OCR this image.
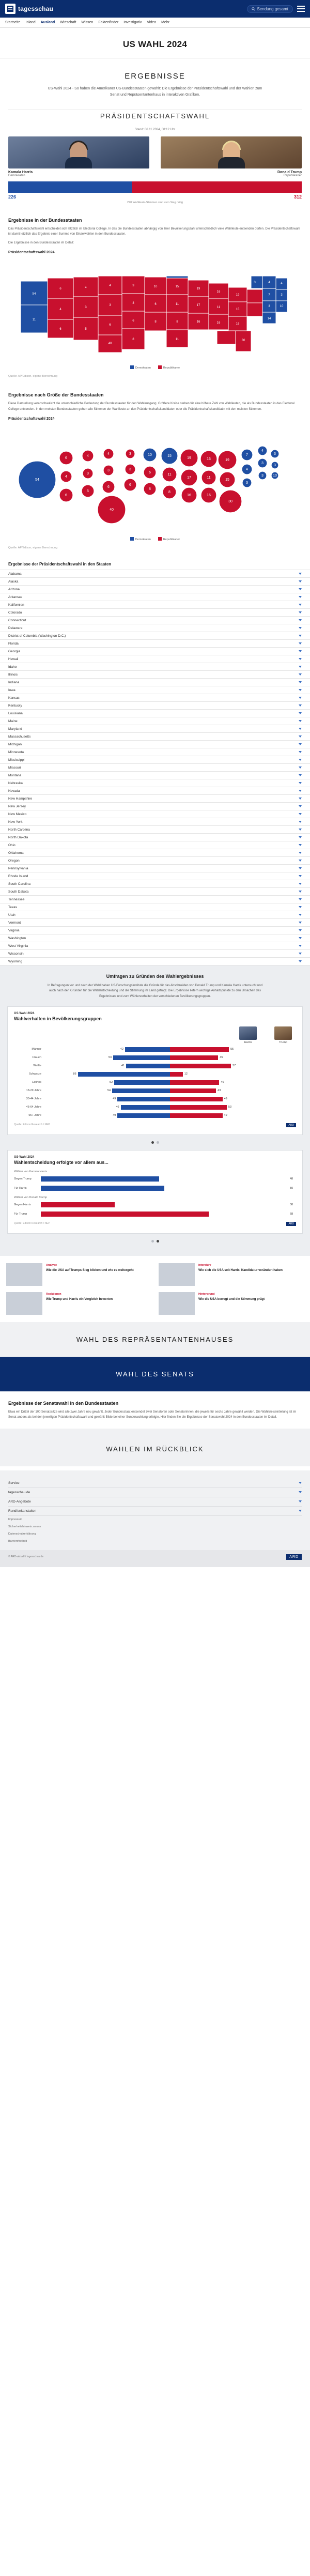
tagesschau	Sendung gesamt
Startseite Inland Ausland Wirtschaft Wissen Faktenfinder Investigativ Video Mehr
US WAHL 2024
ERGEBNISSE

US-Wahl 2024 - So haben die Amerikaner US-Bundesstaaten gewählt: Die Ergebnisse der Präsidentschaftswahl und der Wahlen zum Senat und Repräsentantenhaus in interaktiven Grafiken.

PRÄSIDENTSCHAFTSWAHL
Stand: 06.11.2024, 08:12 Uhr
Kamala Harris
Demokraten
Donald Trump
Republikaner
226	312
270 Wahlleute-Stimmen sind zum Sieg nötig
Ergebnisse in der Bundesstaaten

Das Präsidentschaftswahl entscheidet sich letztlich im Electoral College. In das die Bundesstaaten abhängig von ihrer Bevölkerungszahl unterschiedlich viele Wahlleute entsenden dürfen. Die Präsidentschaftswahl ist damit letztlich das Ergebnis einer Summe von Einzelwahlen in den Bundesstaaten.

Die Ergebnisse in den Bundesstaaten im Detail:

Präsidentschaftswahl 2024
54
11
6
4
6
4
3
5
4
3
6
40
3
3
6
8
10
6
8
15
11
8
11
19
17
16
16
11
16
19
15
16
30
3	4
7
3
14
4
3
10
Demokraten	Republikaner
Quelle: AP/Edison, eigene Berechnung
Ergebnisse nach Größe der Bundesstaaten

Diese Darstellung veranschaulicht die unterschiedliche Bedeutung der Bundesstaaten für den Wahlausgang. Größere Kreise stehen für eine höhere Zahl von Wahlleuten, die als Bundesstaaten in das Electoral College entsenden. In den meisten Bundesstaaten gehen alle Stimmen der Wahlleute an den Präsidentschaftskandidaten oder die Präsidentschaftskandidatin mit den meisten Stimmen.

Präsidentschaftswahl 2024
54
6
4
6
4
3
5
4
3
6
40
3
3
6
10
6
8
15
11
8
19
17
16
16
11
16
19
15
30
7
4
3
4
3
3
3
3
10
Demokraten	Republikaner
Quelle: AP/Edison, eigene Berechnung
Ergebnisse der Präsidentschaftswahl in den Staaten
Alabama
Alaska
Arizona
Arkansas
Kalifornien
Colorado
Connecticut
Delaware
District of Columbia (Washington D.C.)
Florida
Georgia
Hawaii
Idaho
Illinois
Indiana
Iowa
Kansas
Kentucky
Louisiana
Maine
Maryland
Massachusetts
Michigan
Minnesota
Mississippi
Missouri
Montana
Nebraska
Nevada
New Hampshire
New Jersey
New Mexico
New York
North Carolina
North Dakota
Ohio
Oklahoma
Oregon
Pennsylvania
Rhode Island
South Carolina
South Dakota
Tennessee
Texas
Utah
Vermont
Virginia
Washington
West Virginia
Wisconsin
Wyoming
Umfragen zu Gründen des Wahlergebnisses

In Befragungen vor und nach der Wahl haben US-Forschungsinstitute die Gründe für das Abschneiden von Donald Trump und Kamala Harris untersucht und auch nach den Gründen für die Wahlentscheidung und die Stimmung im Land gefragt. Die Ergebnisse liefern wichtige Anhaltspunkte zu den Ursachen des Ergebnisses und zum Wählerverhalten der verschiedenen Bevölkerungsgruppen.

US-Wahl 2024
Wahlverhalten in Bevölkerungsgruppen
Harris	Trump
Männer	42	55
Frauen	53	45
Weiße	41	57
Schwarze	86	12
Latinos	52	46
18-29 Jahre	54	43
30-44 Jahre	49	49
45-64 Jahre	46	53
65+ Jahre	49	49
Quelle: Edison Research / NEP	ARD
US-Wahl 2024
Wahlentscheidung erfolgte vor allem aus...
Wähler von Kamala Harris
Gegen Trump	48
Für Harris	50
Wähler von Donald Trump
Gegen Harris	30
Für Trump	68
Quelle: Edison Research / NEP	ARD
Analyse
Wie die USA auf Trumps Sieg blicken und wie es weitergeht
Interaktiv
Wie sich die USA seit Harris' Kandidatur verändert haben
Reaktionen
Wie Trump und Harris ein Vergleich bewerten
Hintergrund
Wie die USA bewegt und die Stimmung prägt
WAHL DES REPRÄSENTANTENHAUSES
WAHL DES SENATS
Ergebnisse der Senatswahl in den Bundesstaaten

Etwa ein Drittel der 100 Senatssitze wird alle zwei Jahre neu gewählt. Jeder Bundesstaat entsendet zwei Senatoren oder Senatorinnen, die jeweils für sechs Jahre gewählt werden. Die Wahlkreiseinteilung ist im Senat anders als bei den jeweiligen Präsidentschaftswahl und gewählt Bilde bei einer Sonderwahlung erfolgte. Hier finden Sie die Ergebnisse der Senatswahl 2024 in den Bundesstaaten im Detail.

WAHLEN IM RÜCKBLICK
Service
tagesschau.de
ARD-Angebote
Rundfunkanstalten
Impressum
Sicherheitshinweis zu uns
Datenschutzerklärung
Barrierefreiheit
© ARD-aktuell / tagesschau.de	ARD
